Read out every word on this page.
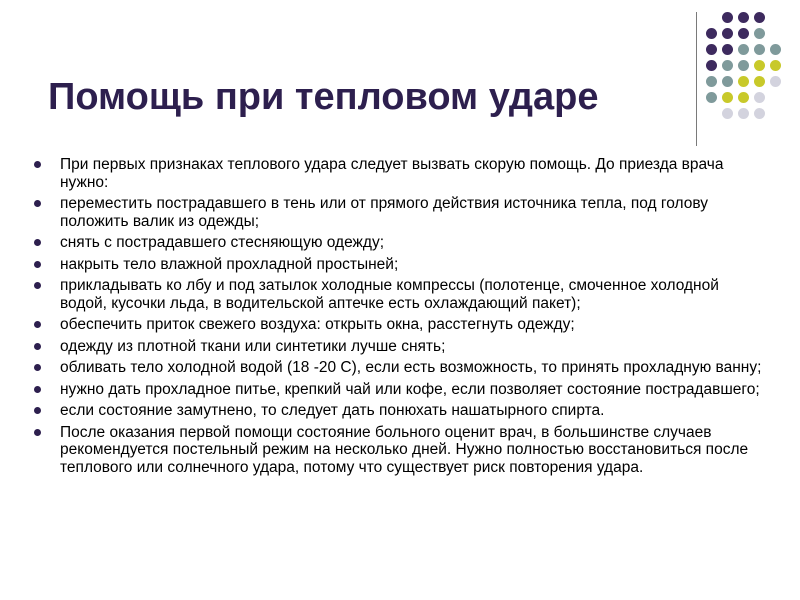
Помощь при тепловом ударе
При первых признаках теплового удара следует вызвать скорую помощь. До приезда врача нужно:
переместить пострадавшего в тень или от прямого действия источника тепла, под голову положить валик из одежды;
снять с пострадавшего стесняющую одежду;
накрыть тело влажной прохладной простыней;
прикладывать ко лбу и под затылок холодные компрессы (полотенце, смоченное холодной водой, кусочки льда, в водительской аптечке есть охлаждающий пакет);
обеспечить приток свежего воздуха: открыть окна, расстегнуть одежду;
одежду из плотной ткани или синтетики лучше снять;
обливать тело холодной водой (18 -20 С), если есть возможность, то принять прохладную ванну;
нужно дать прохладное питье, крепкий чай или кофе, если позволяет состояние пострадавшего;
если состояние замутнено, то следует дать понюхать нашатырного спирта.
После оказания первой помощи состояние больного оценит врач, в большинстве случаев рекомендуется постельный режим на несколько дней. Нужно полностью восстановиться после теплового или солнечного удара, потому что существует риск повторения удара.
